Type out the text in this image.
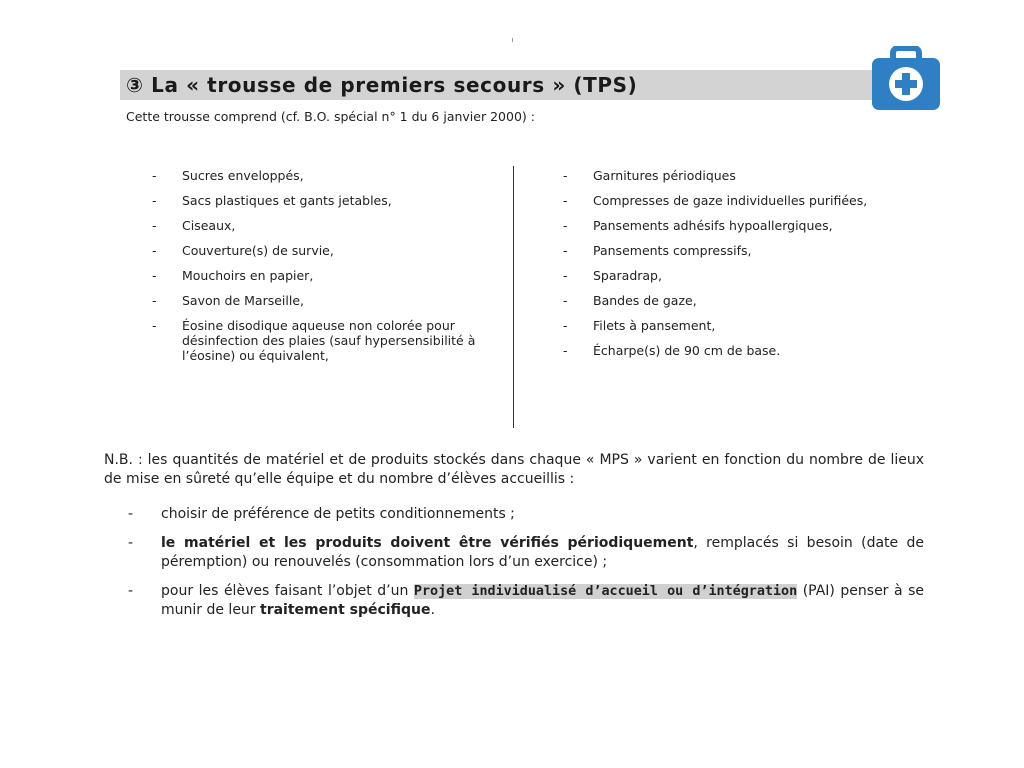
③ La « trousse de premiers secours » (TPS)
Cette trousse comprend (cf. B.O. spécial n° 1 du 6 janvier 2000) :
- Sucres enveloppés,
- Sacs plastiques et gants jetables,
- Ciseaux,
- Couverture(s) de survie,
- Mouchoirs en papier,
- Savon de Marseille,
- Éosine disodique aqueuse non colorée pour désinfection des plaies (sauf hypersensibilité à l’éosine) ou équivalent,
- Garnitures périodiques
- Compresses de gaze individuelles purifiées,
- Pansements adhésifs hypoallergiques,
- Pansements compressifs,
- Sparadrap,
- Bandes de gaze,
- Filets à pansement,
- Écharpe(s) de 90 cm de base.
N.B. : les quantités de matériel et de produits stockés dans chaque « MPS » varient en fonction du nombre de lieux de mise en sûreté qu’elle équipe et du nombre d’élèves accueillis :
- choisir de préférence de petits conditionnements ;
- le matériel et les produits doivent être vérifiés périodiquement, remplacés si besoin (date de péremption) ou renouvelés (consommation lors d’un exercice) ;
- pour les élèves faisant l’objet d’un Projet individualisé d’accueil ou d’intégration (PAI) penser à se munir de leur traitement spécifique.
